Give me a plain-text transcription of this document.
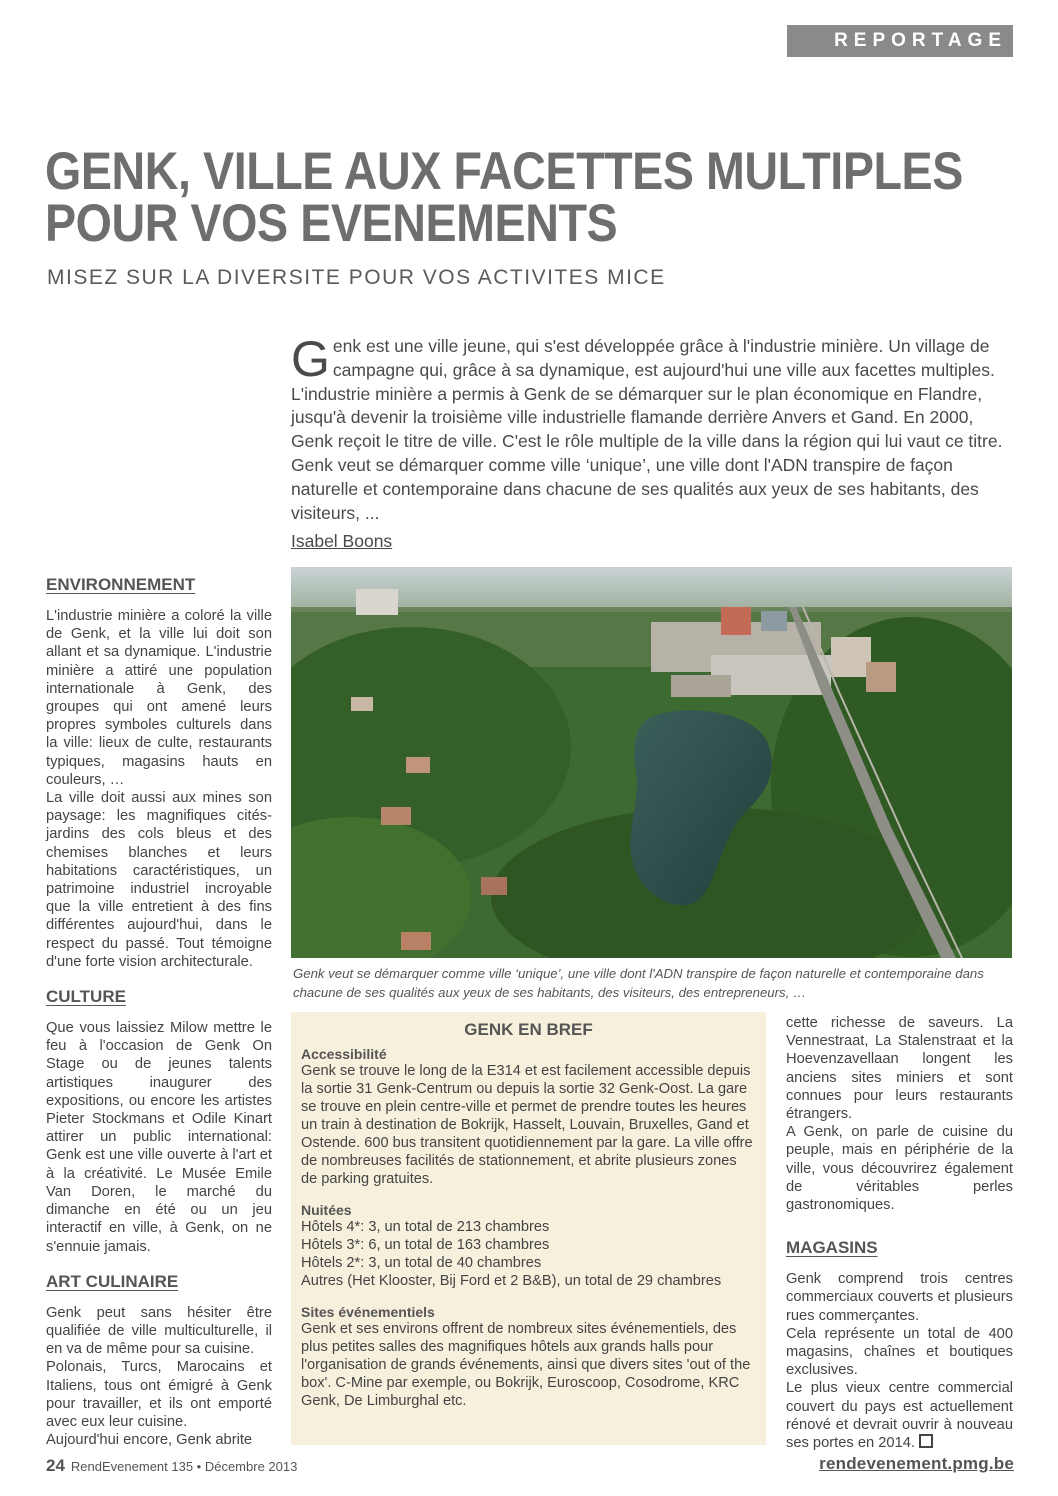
REPORTAGE
GENK, VILLE AUX FACETTES MULTIPLES
POUR VOS EVENEMENTS
MISEZ SUR LA DIVERSITE POUR VOS ACTIVITES MICE

Genk est une ville jeune, qui s'est développée grâce à l'industrie minière. Un village de campagne qui, grâce à sa dynamique, est aujourd'hui une ville aux facettes multiples. L'industrie minière a permis à Genk de se démarquer sur le plan économique en Flandre, jusqu'à devenir la troisième ville industrielle flamande derrière Anvers et Gand. En 2000, Genk reçoit le titre de ville. C'est le rôle multiple de la ville dans la région qui lui vaut ce titre. Genk veut se démarquer comme ville ‘unique’, une ville dont l'ADN transpire de façon naturelle et contemporaine dans chacune de ses qualités aux yeux de ses habitants, des visiteurs, ...

Isabel Boons

ENVIRONNEMENT

L'industrie minière a coloré la ville de Genk, et la ville lui doit son allant et sa dynamique. L'industrie minière a attiré une population internationale à Genk, des groupes qui ont amené leurs propres symboles culturels dans la ville: lieux de culte, restaurants typiques, magasins hauts en couleurs, …

La ville doit aussi aux mines son paysage: les magnifiques cités-jardins des cols bleus et des chemises blanches et leurs habitations caractéristiques, un patrimoine industriel incroyable que la ville entretient à des fins différentes aujourd'hui, dans le respect du passé. Tout témoigne d'une forte vision architecturale.

CULTURE

Que vous laissiez Milow mettre le feu à l'occasion de Genk On Stage ou de jeunes talents artistiques inaugurer des expositions, ou encore les artistes Pieter Stockmans et Odile Kinart attirer un public international: Genk est une ville ouverte à l'art et à la créativité. Le Musée Emile Van Doren, le marché du dimanche en été ou un jeu interactif en ville, à Genk, on ne s'ennuie jamais.

ART CULINAIRE

Genk peut sans hésiter être qualifiée de ville multiculturelle, il en va de même pour sa cuisine.

Polonais, Turcs, Marocains et Italiens, tous ont émigré à Genk pour travailler, et ils ont emporté avec eux leur cuisine.

Aujourd'hui encore, Genk abrite

Genk veut se démarquer comme ville ‘unique’, une ville dont l'ADN transpire de façon naturelle et contemporaine dans chacune de ses qualités aux yeux de ses habitants, des visiteurs, des entrepreneurs, …

GENK EN BREF
Accessibilité

Genk se trouve le long de la E314 et est facilement accessible depuis la sortie 31 Genk-Centrum ou depuis la sortie 32 Genk-Oost. La gare se trouve en plein centre-ville et permet de prendre toutes les heures un train à destination de Bokrijk, Hasselt, Louvain, Bruxelles, Gand et Ostende. 600 bus transitent quotidiennement par la gare. La ville offre de nombreuses facilités de stationnement, et abrite plusieurs zones de parking gratuites.

Nuitées

Hôtels 4*: 3, un total de 213 chambres
Hôtels 3*: 6, un total de 163 chambres
Hôtels 2*: 3, un total de 40 chambres
Autres (Het Klooster, Bij Ford et 2 B&B), un total de 29 chambres

Sites événementiels

Genk et ses environs offrent de nombreux sites événementiels, des plus petites salles des magnifiques hôtels aux grands halls pour l'organisation de grands événements, ainsi que divers sites 'out of the box'. C-Mine par exemple, ou Bokrijk, Euroscoop, Cosodrome, KRC Genk, De Limburghal etc.

cette richesse de saveurs. La Vennestraat, La Stalenstraat et la Hoevenzavellaan longent les anciens sites miniers et sont connues pour leurs restaurants étrangers.

A Genk, on parle de cuisine du peuple, mais en périphérie de la ville, vous découvrirez également de véritables perles gastronomiques.

MAGASINS

Genk comprend trois centres commerciaux couverts et plusieurs rues commerçantes.

Cela représente un total de 400 magasins, chaînes et boutiques exclusives.

Le plus vieux centre commercial couvert du pays est actuellement rénové et devrait ouvrir à nouveau ses portes en 2014.

24 RendEvenement 135 • Décembre 2013	rendevenement.pmg.be
